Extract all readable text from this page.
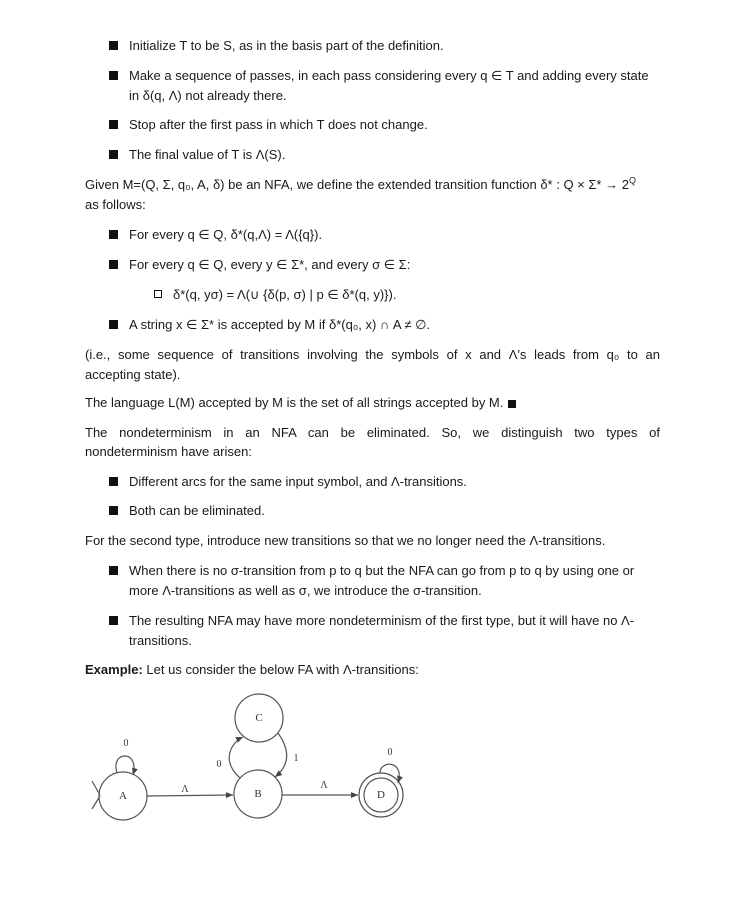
Initialize T to be S, as in the basis part of the definition.
Make a sequence of passes, in each pass considering every q ∈ T and adding every state
in δ(q, Λ) not already there.
Stop after the first pass in which T does not change.
The final value of T is Λ(S).
Given M=(Q, Σ, q₀, A, δ) be an NFA, we define the extended transition function δ* : $Q \times \Sigma* \to 2^Q$
as follows:
For every q ∈ Q, δ*(q,Λ) = Λ({q}).
For every q ∈ Q, every y ∈ Σ*, and every σ ∈ Σ:
δ*(q, yσ) = Λ(∪ {δ(p, σ) | p ∈ δ*(q, y)}).
A string x ∈ Σ* is accepted by M if δ*(q₀, x) ∩ A ≠ ∅.
(i.e., some sequence of transitions involving the symbols of x and Λ's leads from q₀ to an
accepting state).
The language L(M) accepted by M is the set of all strings accepted by M.
The nondeterminism in an NFA can be eliminated. So, we distinguish two types of
nondeterminism have arisen:
Different arcs for the same input symbol, and Λ-transitions.
Both can be eliminated.
For the second type, introduce new transitions so that we no longer need the Λ-transitions.
When there is no σ-transition from p to q but the NFA can go from p to q by using one or
more Λ-transitions as well as σ, we introduce the σ-transition.
The resulting NFA may have more nondeterminism of the first type, but it will have no Λ-
transitions.
Example: Let us consider the below FA with Λ-transitions:
A	B
C
D
0
Λ
0
1
Λ
0
